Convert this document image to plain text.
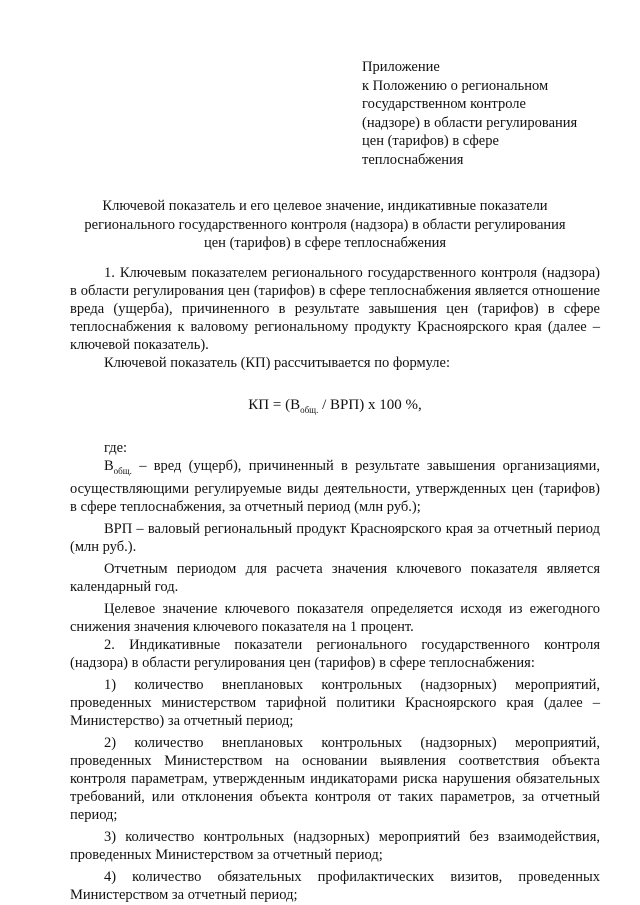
Приложение
к Положению о региональном
государственном контроле
(надзоре) в области регулирования
цен (тарифов) в сфере
теплоснабжения
Ключевой показатель и его целевое значение, индикативные показатели
регионального государственного контроля (надзора) в области регулирования
цен (тарифов) в сфере теплоснабжения

1. Ключевым показателем регионального государственного контроля (надзора) в области регулирования цен (тарифов) в сфере теплоснабжения является отношение вреда (ущерба), причиненного в результате завышения цен (тарифов) в сфере теплоснабжения к валовому региональному продукту Красноярского края (далее – ключевой показатель).

Ключевой показатель (КП) рассчитывается по формуле:

КП = $(В_{общ.} / ВРП)$ x 100 %,

где:

$В_{общ.}$ – вред (ущерб), причиненный в результате завышения организациями, осуществляющими регулируемые виды деятельности, утвержденных цен (тарифов) в сфере теплоснабжения, за отчетный период (млн руб.);

ВРП – валовый региональный продукт Красноярского края за отчетный период (млн руб.).

Отчетным периодом для расчета значения ключевого показателя является календарный год.

Целевое значение ключевого показателя определяется исходя из ежегодного снижения значения ключевого показателя на 1 процент.

2. Индикативные показатели регионального государственного контроля (надзора) в области регулирования цен (тарифов) в сфере теплоснабжения:

1) количество внеплановых контрольных (надзорных) мероприятий, проведенных министерством тарифной политики Красноярского края (далее – Министерство) за отчетный период;

2) количество внеплановых контрольных (надзорных) мероприятий, проведенных Министерством на основании выявления соответствия объекта контроля параметрам, утвержденным индикаторами риска нарушения обязательных требований, или отклонения объекта контроля от таких параметров, за отчетный период;

3) количество контрольных (надзорных) мероприятий без взаимодействия, проведенных Министерством за отчетный период;

4) количество обязательных профилактических визитов, проведенных Министерством за отчетный период;
